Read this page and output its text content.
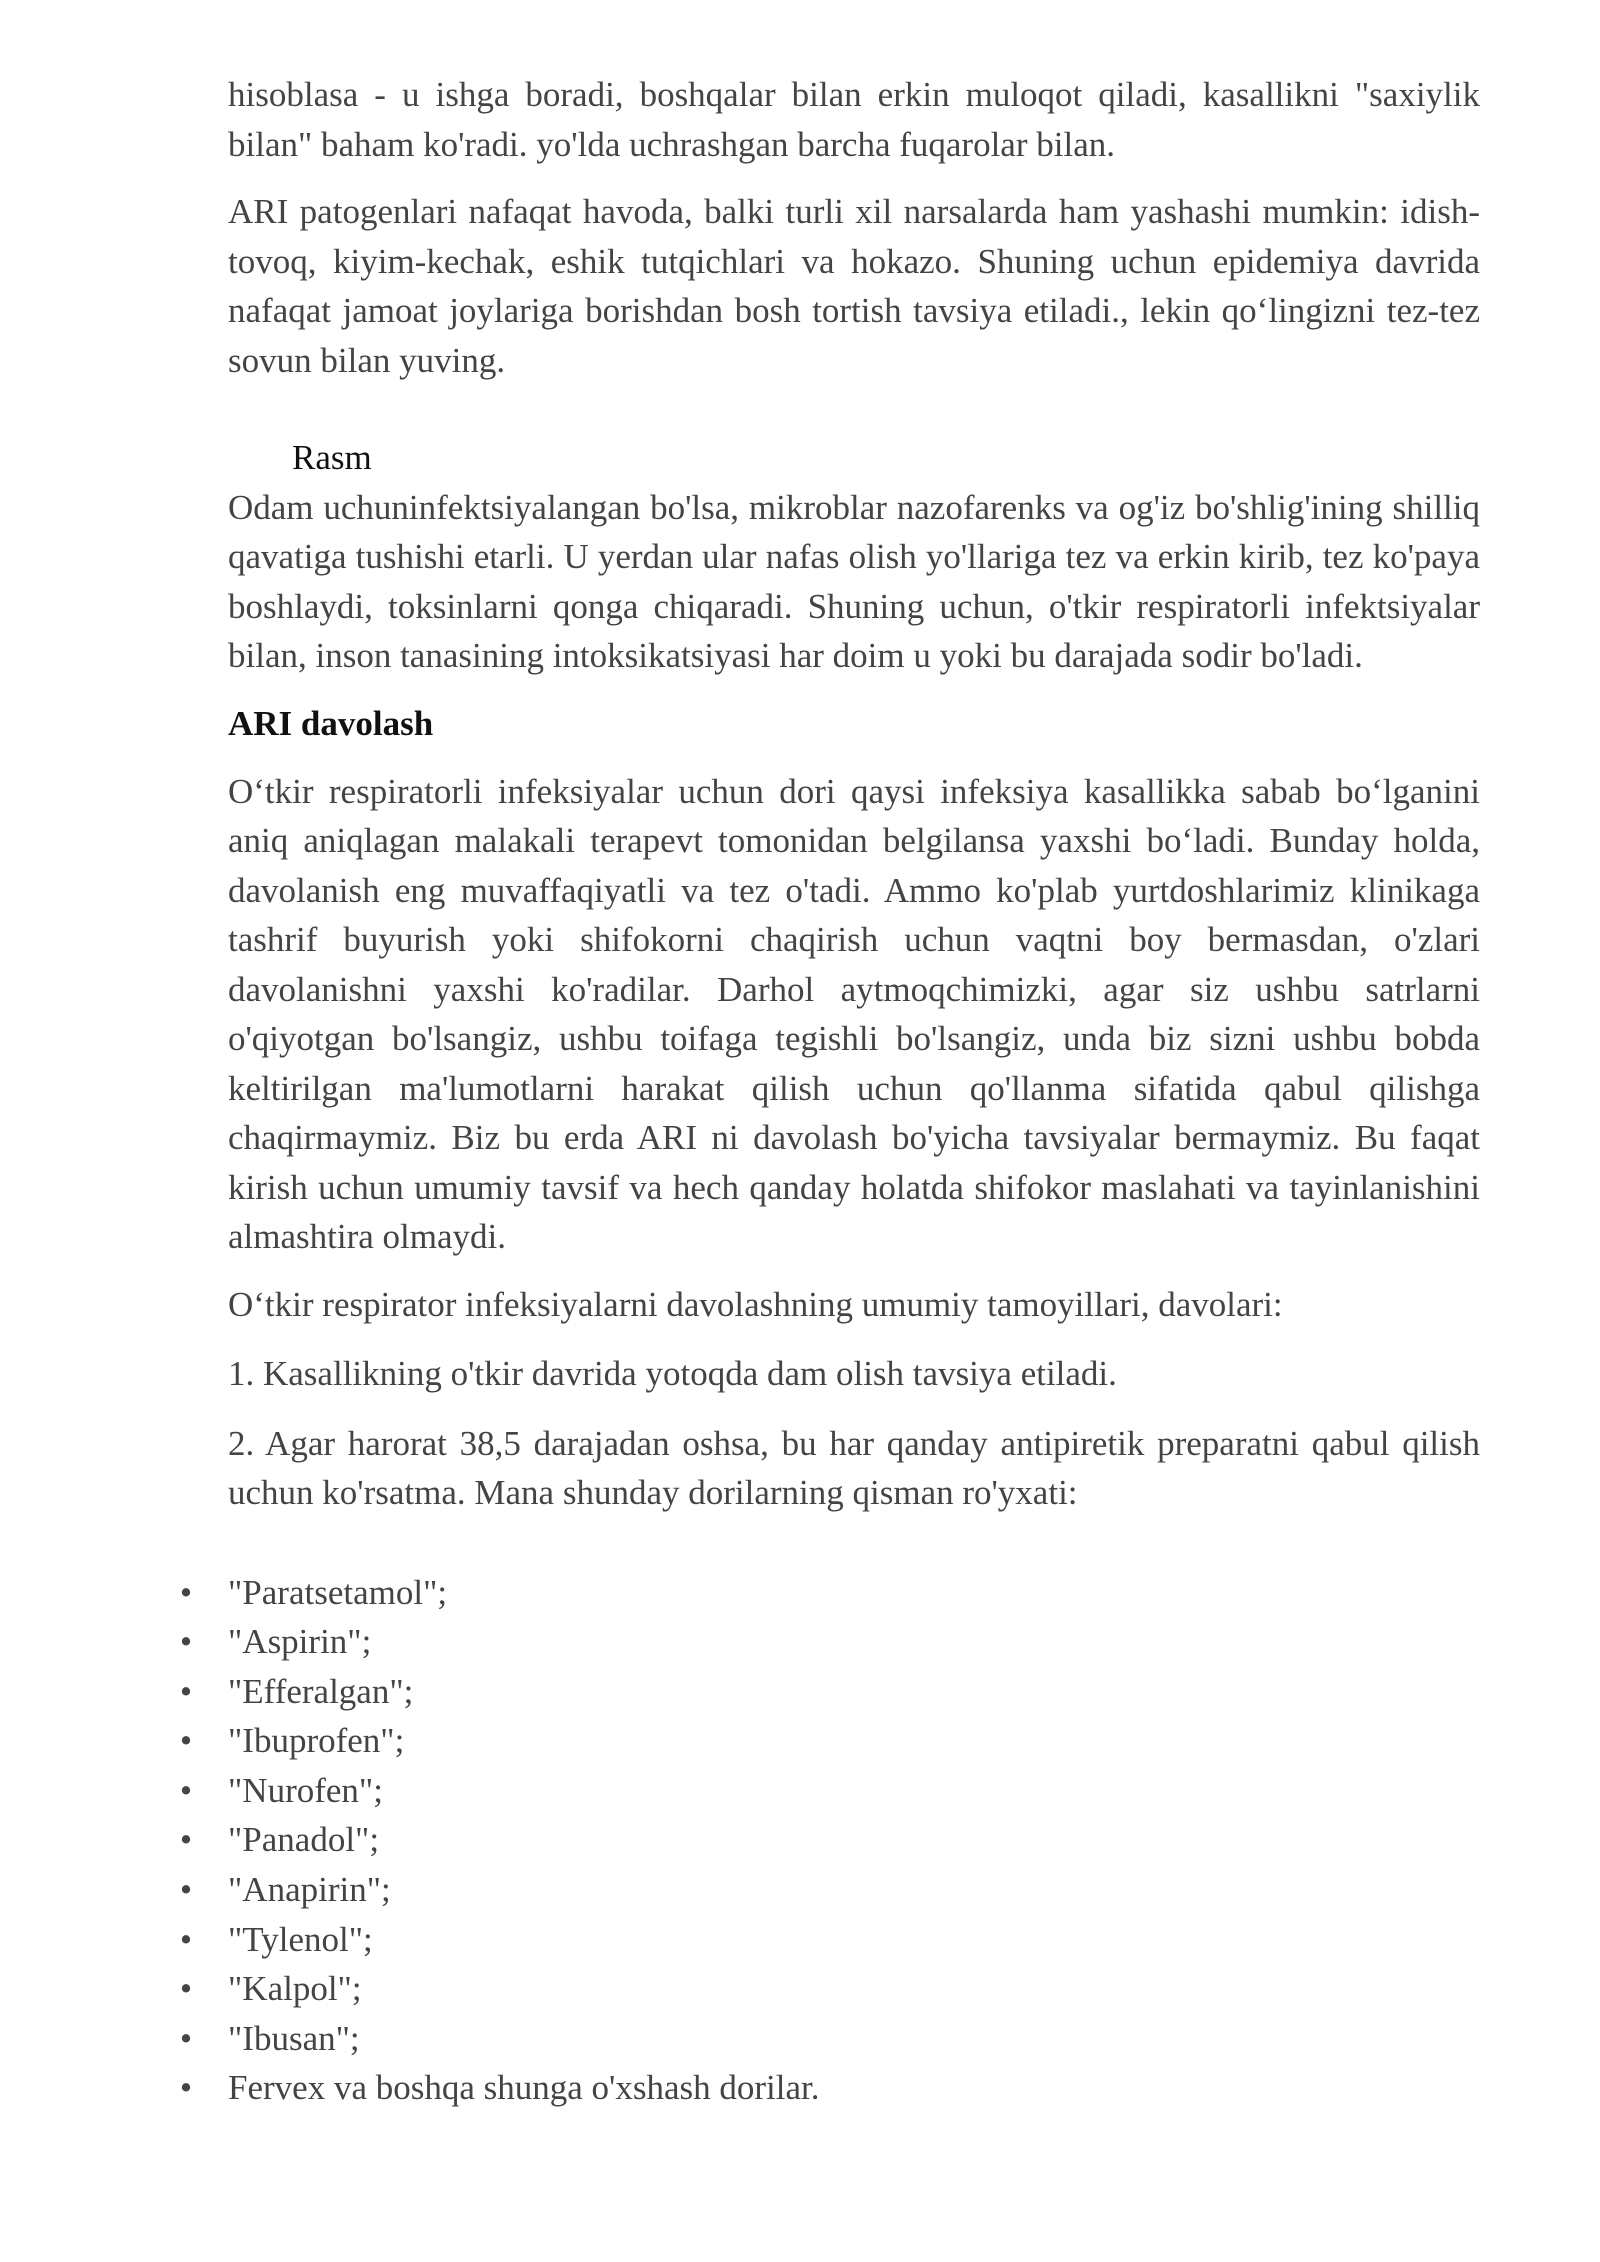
hisoblasa - u ishga boradi, boshqalar bilan erkin muloqot qiladi, kasallikni "saxiylik bilan" baham ko'radi. yo'lda uchrashgan barcha fuqarolar bilan.

ARI patogenlari nafaqat havoda, balki turli xil narsalarda ham yashashi mumkin: idish-tovoq, kiyim-kechak, eshik tutqichlari va hokazo. Shuning uchun epidemiya davrida nafaqat jamoat joylariga borishdan bosh tortish tavsiya etiladi., lekin qo‘lingizni tez-tez sovun bilan yuving.

Rasm

Odam uchuninfektsiyalangan bo'lsa, mikroblar nazofarenks va og'iz bo'shlig'ining shilliq qavatiga tushishi etarli. U yerdan ular nafas olish yo'llariga tez va erkin kirib, tez ko'paya boshlaydi, toksinlarni qonga chiqaradi. Shuning uchun, o'tkir respiratorli infektsiyalar bilan, inson tanasining intoksikatsiyasi har doim u yoki bu darajada sodir bo'ladi.

ARI davolash

O‘tkir respiratorli infeksiyalar uchun dori qaysi infeksiya kasallikka sabab bo‘lganini aniq aniqlagan malakali terapevt tomonidan belgilansa yaxshi bo‘ladi. Bunday holda, davolanish eng muvaffaqiyatli va tez o'tadi. Ammo ko'plab yurtdoshlarimiz klinikaga tashrif buyurish yoki shifokorni chaqirish uchun vaqtni boy bermasdan, o'zlari davolanishni yaxshi ko'radilar. Darhol aytmoqchimizki, agar siz ushbu satrlarni o'qiyotgan bo'lsangiz, ushbu toifaga tegishli bo'lsangiz, unda biz sizni ushbu bobda keltirilgan ma'lumotlarni harakat qilish uchun qo'llanma sifatida qabul qilishga chaqirmaymiz. Biz bu erda ARI ni davolash bo'yicha tavsiyalar bermaymiz. Bu faqat kirish uchun umumiy tavsif va hech qanday holatda shifokor maslahati va tayinlanishini almashtira olmaydi.

O‘tkir respirator infeksiyalarni davolashning umumiy tamoyillari, davolari:

1. Kasallikning o'tkir davrida yotoqda dam olish tavsiya etiladi.

2. Agar harorat 38,5 darajadan oshsa, bu har qanday antipiretik preparatni qabul qilish uchun ko'rsatma. Mana shunday dorilarning qisman ro'yxati:

• "Paratsetamol";
• "Aspirin";
• "Efferalgan";
• "Ibuprofen";
• "Nurofen";
• "Panadol";
• "Anapirin";
• "Tylenol";
• "Kalpol";
• "Ibusan";
• Fervex va boshqa shunga o'xshash dorilar.
